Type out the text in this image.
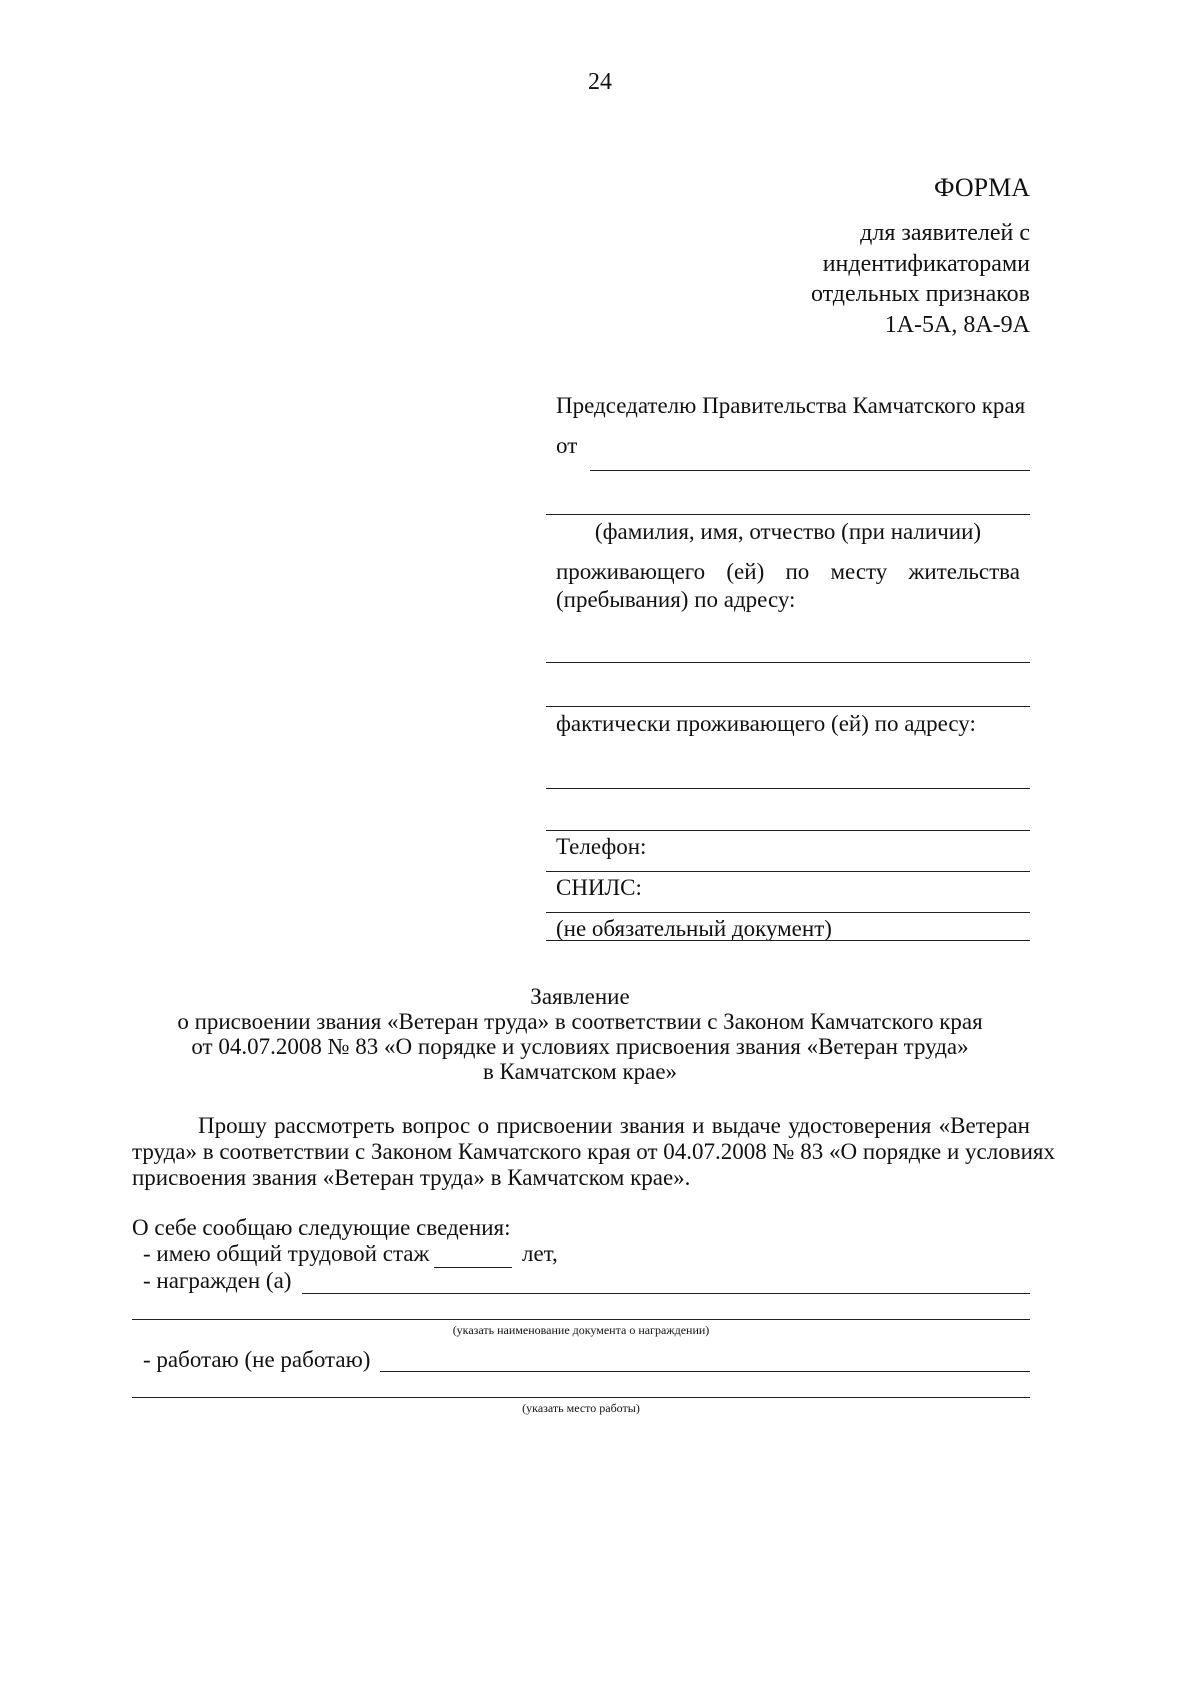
24
ФОРМА
для заявителей с
индентификаторами
отдельных признаков
1А-5А, 8А-9А
Председателю Правительства Камчатского края
от
(фамилия, имя, отчество (при наличии)
проживающего (ей) по месту жительства
(пребывания) по адресу:
фактически проживающего (ей) по адресу:
Телефон:
СНИЛС:
(не обязательный документ)
Заявление
о присвоении звания «Ветеран труда» в соответствии с Законом Камчатского края
от 04.07.2008 № 83 «О порядке и условиях присвоения звания «Ветеран труда»
в Камчатском крае»
Прошу рассмотреть вопрос о присвоении звания и выдаче удостоверения «Ветеран
труда» в соответствии с Законом Камчатского края от 04.07.2008 № 83 «О порядке и условиях
присвоения звания «Ветеран труда» в Камчатском крае».
О себе сообщаю следующие сведения:
- имею общий трудовой стаж	лет,
- награжден (а)
(указать наименование документа о награждении)
- работаю (не работаю)
(указать место работы)
